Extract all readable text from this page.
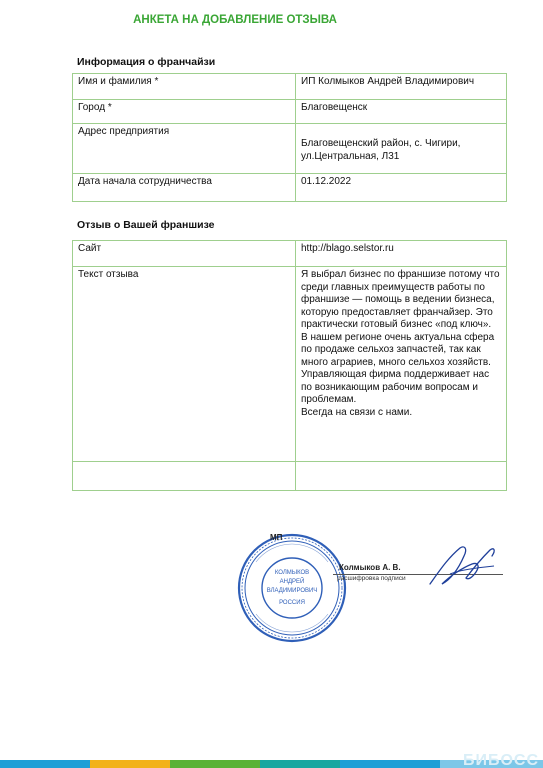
АНКЕТА НА ДОБАВЛЕНИЕ ОТЗЫВА
Информация о франчайзи
Имя и фамилия *	ИП Колмыков Андрей Владимирович
Город *	Благовещенск
Адрес предприятия	Благовещенский район, с. Чигири, ул.Центральная, Л31
Дата начала сотрудничества	01.12.2022
Отзыв о Вашей франшизе
Сайт	http://blago.selstor.ru
Текст отзыва	Я выбрал бизнес по франшизе потому что среди главных преимуществ работы по франшизе — помощь в ведении бизнеса, которую предоставляет франчайзер. Это практически готовый бизнес «под ключ».

В нашем регионе очень актуальна сфера по продаже сельхоз запчастей, так как много аграриев, много сельхоз хозяйств.

Управляющая фирма поддерживает нас по возникающим рабочим вопросам и проблемам.

Всегда на связи с нами.

КОЛМЫКОВ
АНДРЕЙ
ВЛАДИМИРОВИЧ
РОССИЯ
МП
Колмыков А. В.
расшифровка подписи
БИБОСС
